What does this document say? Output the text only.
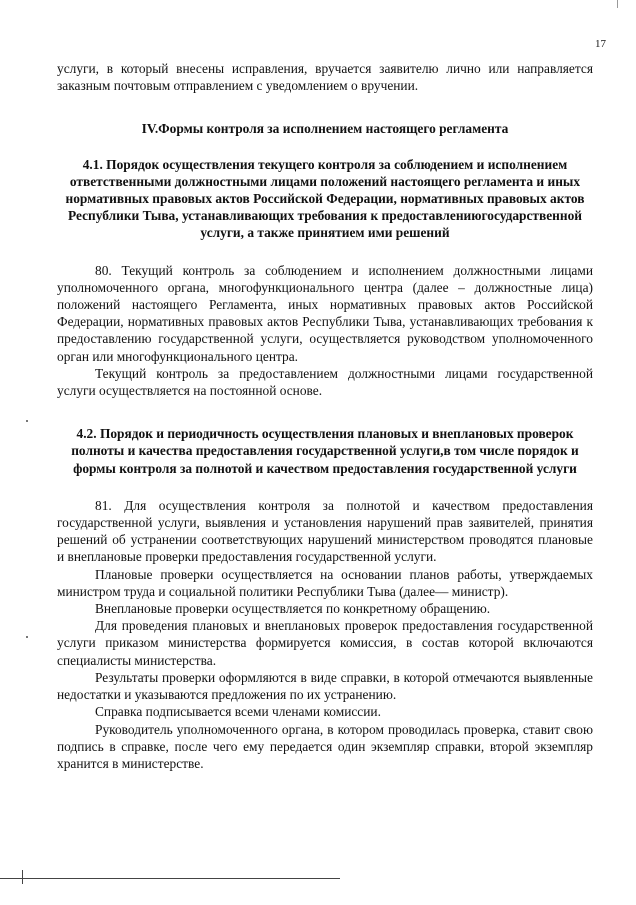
17

услуги, в который внесены исправления, вручается заявителю лично или направляется заказным почтовым отправлением с уведомлением о вручении.

IV.Формы контроля за исполнением настоящего регламента

4.1. Порядок осуществления текущего контроля за соблюдением и исполнением ответственными должностными лицами положений настоящего регламента и иных нормативных правовых актов Российской Федерации, нормативных правовых актов Республики Тыва, устанавливающих требования к предоставлениюгосударственной услуги, а также принятием ими решений

80. Текущий контроль за соблюдением и исполнением должностными лицами уполномоченного органа, многофункционального центра (далее – должностные лица) положений настоящего Регламента, иных нормативных правовых актов Российской Федерации, нормативных правовых актов Республики Тыва, устанавливающих требования к предоставлению государственной услуги, осуществляется руководством уполномоченного орган или многофункционального центра.

Текущий контроль за предоставлением должностными лицами государственной услуги осуществляется на постоянной основе.

4.2. Порядок и периодичность осуществления плановых и внеплановых проверок полноты и качества предоставления государственной услуги,в том числе порядок и формы контроля за полнотой и качеством предоставления государственной услуги

81. Для осуществления контроля за полнотой и качеством предоставления государственной услуги, выявления и установления нарушений прав заявителей, принятия решений об устранении соответствующих нарушений министерством проводятся плановые и внеплановые проверки предоставления государственной услуги.

Плановые проверки осуществляется на основании планов работы, утверждаемых министром труда и социальной политики Республики Тыва (далее— министр).

Внеплановые проверки осуществляется по конкретному обращению.

Для проведения плановых и внеплановых проверок предоставления государственной услуги приказом министерства формируется комиссия, в состав которой включаются специалисты министерства.

Результаты проверки оформляются в виде справки, в которой отмечаются выявленные недостатки и указываются предложения по их устранению.

Справка подписывается всеми членами комиссии.

Руководитель уполномоченного органа, в котором проводилась проверка, ставит свою подпись в справке, после чего ему передается один экземпляр справки, второй экземпляр хранится в министерстве.
